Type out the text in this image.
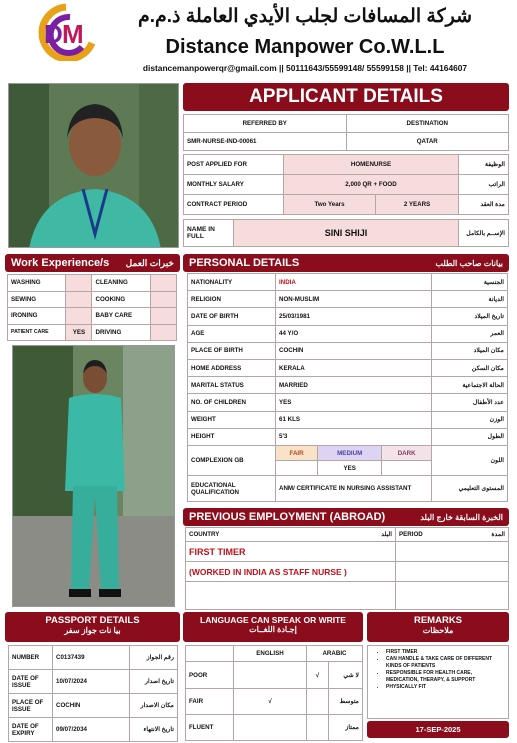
D M
شركة المسافات لجلب الأيدي العاملة ذ.م.م
Distance Manpower Co.W.L.L
distancemanpowerqr@gmail.com || 50111643/55599148/ 55599158 || Tel: 44164607
APPLICANT DETAILS
REFERRED BY	DESTINATION
SMR-NURSE-IND-00061	QATAR
POST APPLIED FOR	HOMENURSE		الوظيفة
MONTHLY SALARY	2,000 QR + FOOD		الراتب
CONTRACT PERIOD	Two Years	2 YEARS	مدة العقد
NAME IN FULL	SINI SHIJI	الإســم بالكامل
Work Experience/s خبرات العمل
WASHING		CLEANING	
SEWING		COOKING	
IRONING		BABY CARE	
PATIENT CARE	YES	DRIVING	
PERSONAL DETAILS	بيانات صاحب الطلب
NATIONALITY	INDIA	الجنسية
RELIGION	NON-MUSLIM	الديانة
DATE OF BIRTH	25/03/1981	تاريخ الميلاد
AGE	44 Y/O	العمر
PLACE OF BIRTH	COCHIN	مكان الميلاد
HOME ADDRESS	KERALA	مكان السكن
MARITAL STATUS	MARRIED	الحالة الاجتماعية
NO. OF CHILDREN	YES	عدد الأطفال
WEIGHT	61 KLS	الوزن
HEIGHT	5'3	الطول
COMPLEXION GB	FAIR	MEDIUM	DARK	اللون
		YES		
EDUCATIONAL QUALIFICATION	ANM/ CERTIFICATE IN NURSING ASSISTANT	المستوى التعليمي
PREVIOUS EMPLOYMENT (ABROAD)	الخبرة السابقة خارج البلد
COUNTRY البلد	PERIOD المدة

FIRST TIMER	
(WORKED IN INDIA AS STAFF NURSE )	

PASSPORT DETAILS
بيا نات جواز سفر
NUMBER	C0137439	رقم الجواز
DATE OF ISSUE	10/07/2024	تاريخ اصدار
PLACE OF ISSUE	COCHIN	مكان الاصدار
DATE OF EXPIRY	09/07/2034	تاريخ الانتهاء
LANGUAGE CAN SPEAK OR WRITE
إجـادة اللغــات
	ENGLISH	ARABIC	
POOR		√	لا شي
FAIR	√		متوسط
FLUENT			ممتاز
REMARKS
ملاحظات
• FIRST TIMER
• CAN HANDLE & TAKE CARE OF DIFFERENT KINDS OF PATIENTS
• RESPONSIBLE FOR HEALTH CARE, MEDICATION, THERAPY, & SUPPORT
• PHYSICALLY FIT
17-SEP-2025
